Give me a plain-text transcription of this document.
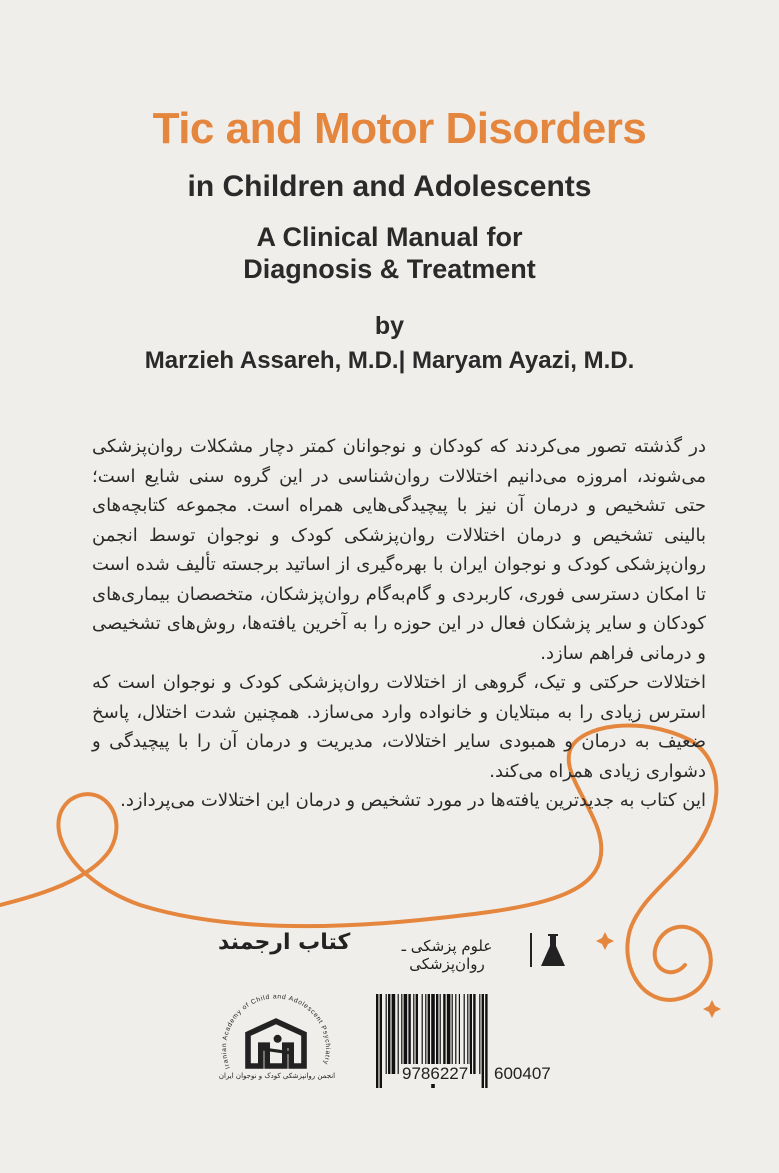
Tic and Motor Disorders
in Children and Adolescents
A Clinical Manual for
Diagnosis & Treatment
by
Marzieh Assareh, M.D.| Maryam Ayazi, M.D.

در گذشته تصور می‌کردند که کودکان و نوجوانان کمتر دچار مشکلات روان‌پزشکی می‌شوند، امروزه می‌دانیم اختلالات روان‌شناسی در این گروه سنی شایع است؛ حتی تشخیص و درمان آن نیز با پیچیدگی‌هایی همراه است. مجموعه کتابچه‌های بالینی تشخیص و درمان اختلالات روان‌پزشکی کودک و نوجوان توسط انجمن روان‌پزشکی کودک و نوجوان ایران با بهره‌گیری از اساتید برجسته تألیف شده است تا امکان دسترسی فوری، کاربردی و گام‌به‌گام روان‌پزشکان، متخصصان بیماری‌های کودکان و سایر پزشکان فعال در این حوزه را به آخرین یافته‌ها، روش‌های تشخیصی و درمانی فراهم سازد.

اختلالات حرکتی و تیک، گروهی از اختلالات روان‌پزشکی کودک و نوجوان است که استرس زیادی را به مبتلایان و خانواده وارد می‌سازد. همچنین شدت اختلال، پاسخ ضعیف به درمان و همبودی سایر اختلالات، مدیریت و درمان آن را با پیچیدگی و دشواری زیادی همراه می‌کند.

این کتاب به جدیدترین یافته‌ها در مورد تشخیص و درمان این اختلالات می‌پردازد.

علوم پزشکی ـ روان‌پزشکی
کتاب ارجمند
Iranian Academy of Child and Adolescent Psychiatry
انجمن روانپزشکی کودک و نوجوان ایران	9786227 600407
